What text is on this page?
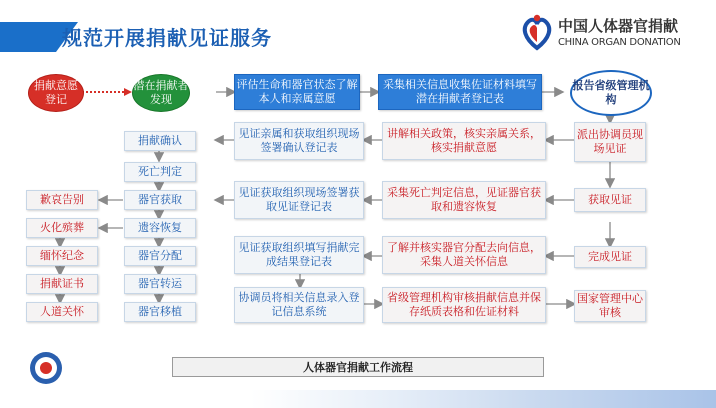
规范开展捐献见证服务	中国人体器官捐献
CHINA ORGAN DONATION
捐献意愿登记
潜在捐献者发现
评估生命和器官状态了解本人和亲属意愿
采集相关信息收集佐证材料填写潜在捐献者登记表
报告省级管理机构
派出协调员现场见证
讲解相关政策，核实亲属关系，核实捐献意愿
见证亲属和获取组织现场签署确认登记表
捐献确认
死亡判定
获取见证
采集死亡判定信息，见证器官获取和遗容恢复
见证获取组织现场签署获取见证登记表
器官获取
歉哀告别
遗容恢复
火化殡葬
完成见证
了解并核实器官分配去向信息，采集人道关怀信息
见证获取组织填写捐献完成结果登记表
器官分配
缅怀纪念
器官转运
捐献证书
协调员将相关信息录入登记信息系统
省级管理机构审核捐献信息并保存纸质表格和佐证材料
国家管理中心审核
器官移植
人道关怀
人体器官捐献工作流程
